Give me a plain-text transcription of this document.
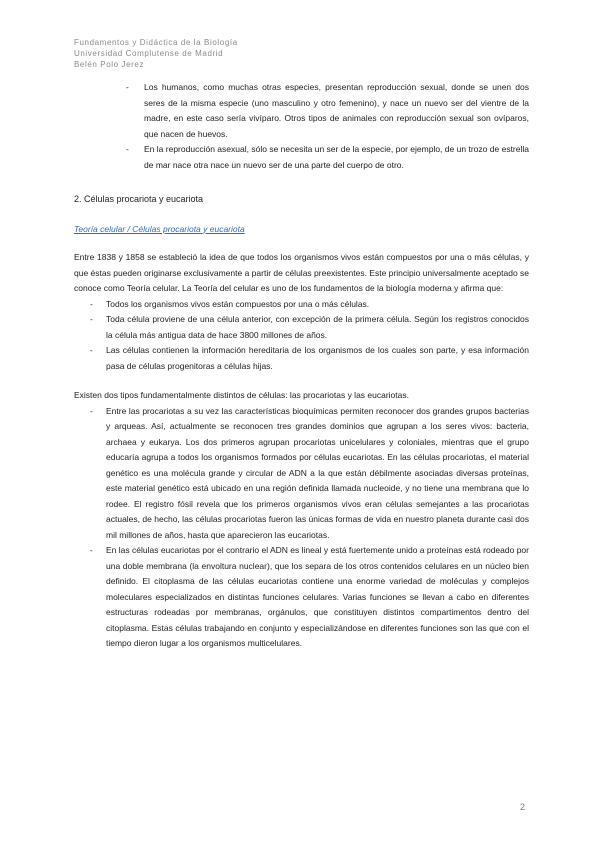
Fundamentos y Didáctica de la Biología
Universidad Complutense de Madrid
Belén Polo Jerez
- Los humanos, como muchas otras especies, presentan reproducción sexual, donde se unen dos seres de la misma especie (uno masculino y otro femenino), y nace un nuevo ser del vientre de la madre, en este caso sería vivíparo. Otros tipos de animales con reproducción sexual son ovíparos, que nacen de huevos.
- En la reproducción asexual, sólo se necesita un ser de la especie, por ejemplo, de un trozo de estrella de mar nace otra nace un nuevo ser de una parte del cuerpo de otro.
2. Células procariota y eucariota
Teoría celular / Células procariota y eucariota
Entre 1838 y 1858 se estableció la idea de que todos los organismos vivos están compuestos por una o más células, y que éstas pueden originarse exclusivamente a partir de células preexistentes. Este principio universalmente aceptado se conoce como Teoría celular. La Teoría del celular es uno de los fundamentos de la biología moderna y afirma que:
- Todos los organismos vivos están compuestos por una o más células.
- Toda célula proviene de una célula anterior, con excepción de la primera célula. Según los registros conocidos la célula más antigua data de hace 3800 millones de años.
- Las células contienen la información hereditaria de los organismos de los cuales son parte, y esa información pasa de células progenitoras a células hijas.
Existen dos tipos fundamentalmente distintos de células: las procariotas y las eucariotas.
- Entre las procariotas a su vez las características bioquímicas permiten reconocer dos grandes grupos bacterias y arqueas. Así, actualmente se reconocen tres grandes dominios que agrupan a los seres vivos: bacteria, archaea y eukarya. Los dos primeros agrupan procariotas unicelulares y coloniales, mientras que el grupo educaría agrupa a todos los organismos formados por células eucariotas. En las células procariotas, el material genético es una molécula grande y circular de ADN a la que están débilmente asociadas diversas proteínas, este material genético está ubicado en una región definida llamada nucleoide, y no tiene una membrana que lo rodee. El registro fósil revela que los primeros organismos vivos eran células semejantes a las procariotas actuales, de hecho, las células procariotas fueron las únicas formas de vida en nuestro planeta durante casi dos mil millones de años, hasta que aparecieron las eucariotas.
- En las células eucariotas por el contrario el ADN es lineal y está fuertemente unido a proteínas está rodeado por una doble membrana (la envoltura nuclear), que los separa de los otros contenidos celulares en un núcleo bien definido. El citoplasma de las células eucariotas contiene una enorme variedad de moléculas y complejos moleculares especializados en distintas funciones celulares. Varias funciones se llevan a cabo en diferentes estructuras rodeadas por membranas, orgánulos, que constituyen distintos compartimentos dentro del citoplasma. Estas células trabajando en conjunto y especializándose en diferentes funciones son las que con el tiempo dieron lugar a los organismos multicelulares.
2
